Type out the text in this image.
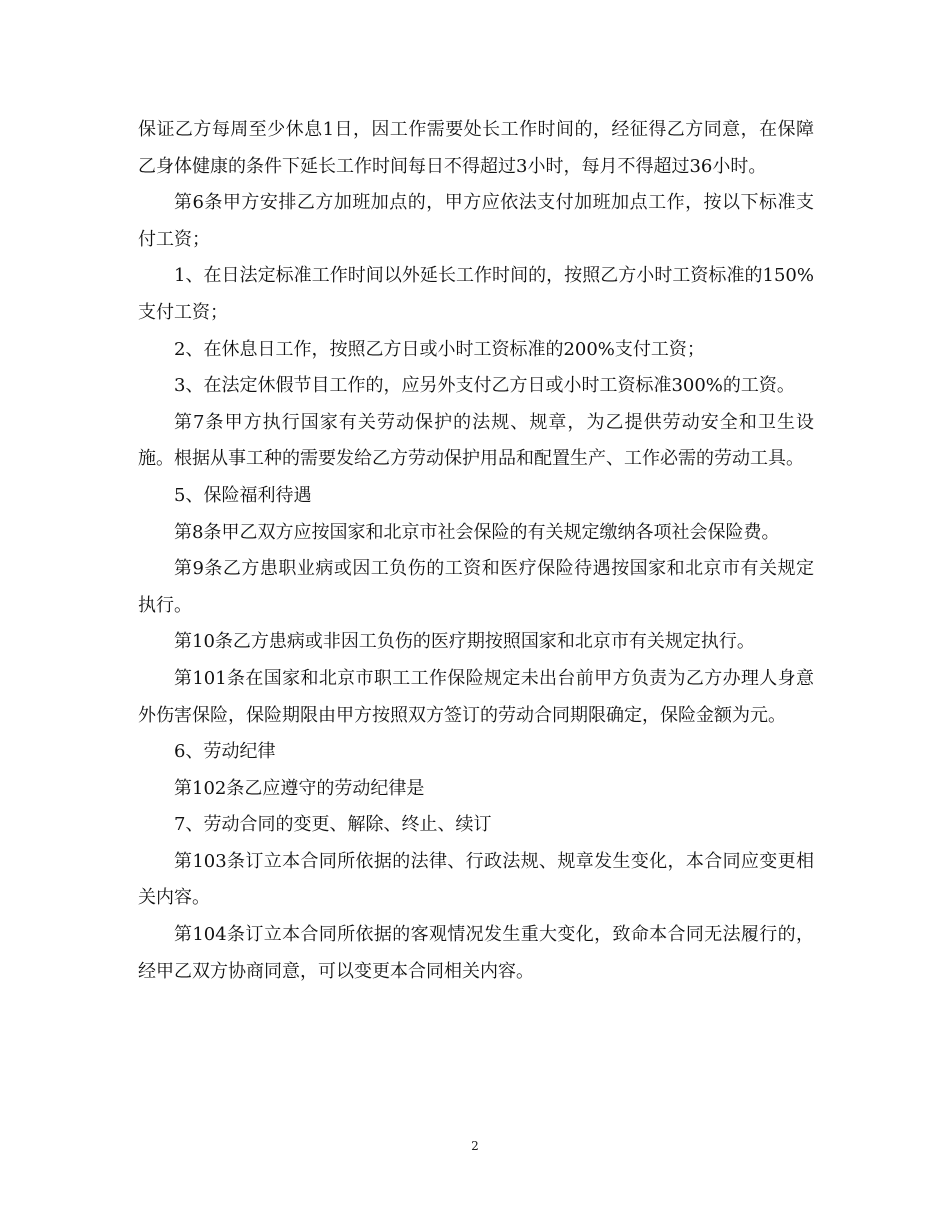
保证乙方每周至少休息1日，因工作需要处长工作时间的，经征得乙方同意，在保障乙身体健康的条件下延长工作时间每日不得超过3小时，每月不得超过36小时。

第6条甲方安排乙方加班加点的，甲方应依法支付加班加点工作，按以下标准支付工资；

1、在日法定标准工作时间以外延长工作时间的，按照乙方小时工资标准的150%支付工资；

2、在休息日工作，按照乙方日或小时工资标准的200%支付工资；

3、在法定休假节目工作的，应另外支付乙方日或小时工资标准300%的工资。

第7条甲方执行国家有关劳动保护的法规、规章，为乙提供劳动安全和卫生设施。根据从事工种的需要发给乙方劳动保护用品和配置生产、工作必需的劳动工具。

5、保险福利待遇

第8条甲乙双方应按国家和北京市社会保险的有关规定缴纳各项社会保险费。

第9条乙方患职业病或因工负伤的工资和医疗保险待遇按国家和北京市有关规定执行。

第10条乙方患病或非因工负伤的医疗期按照国家和北京市有关规定执行。

第101条在国家和北京市职工工作保险规定未出台前甲方负责为乙方办理人身意外伤害保险，保险期限由甲方按照双方签订的劳动合同期限确定，保险金额为元。

6、劳动纪律

第102条乙应遵守的劳动纪律是

7、劳动合同的变更、解除、终止、续订

第103条订立本合同所依据的法律、行政法规、规章发生变化，本合同应变更相关内容。

第104条订立本合同所依据的客观情况发生重大变化，致命本合同无法履行的，经甲乙双方协商同意，可以变更本合同相关内容。

2
